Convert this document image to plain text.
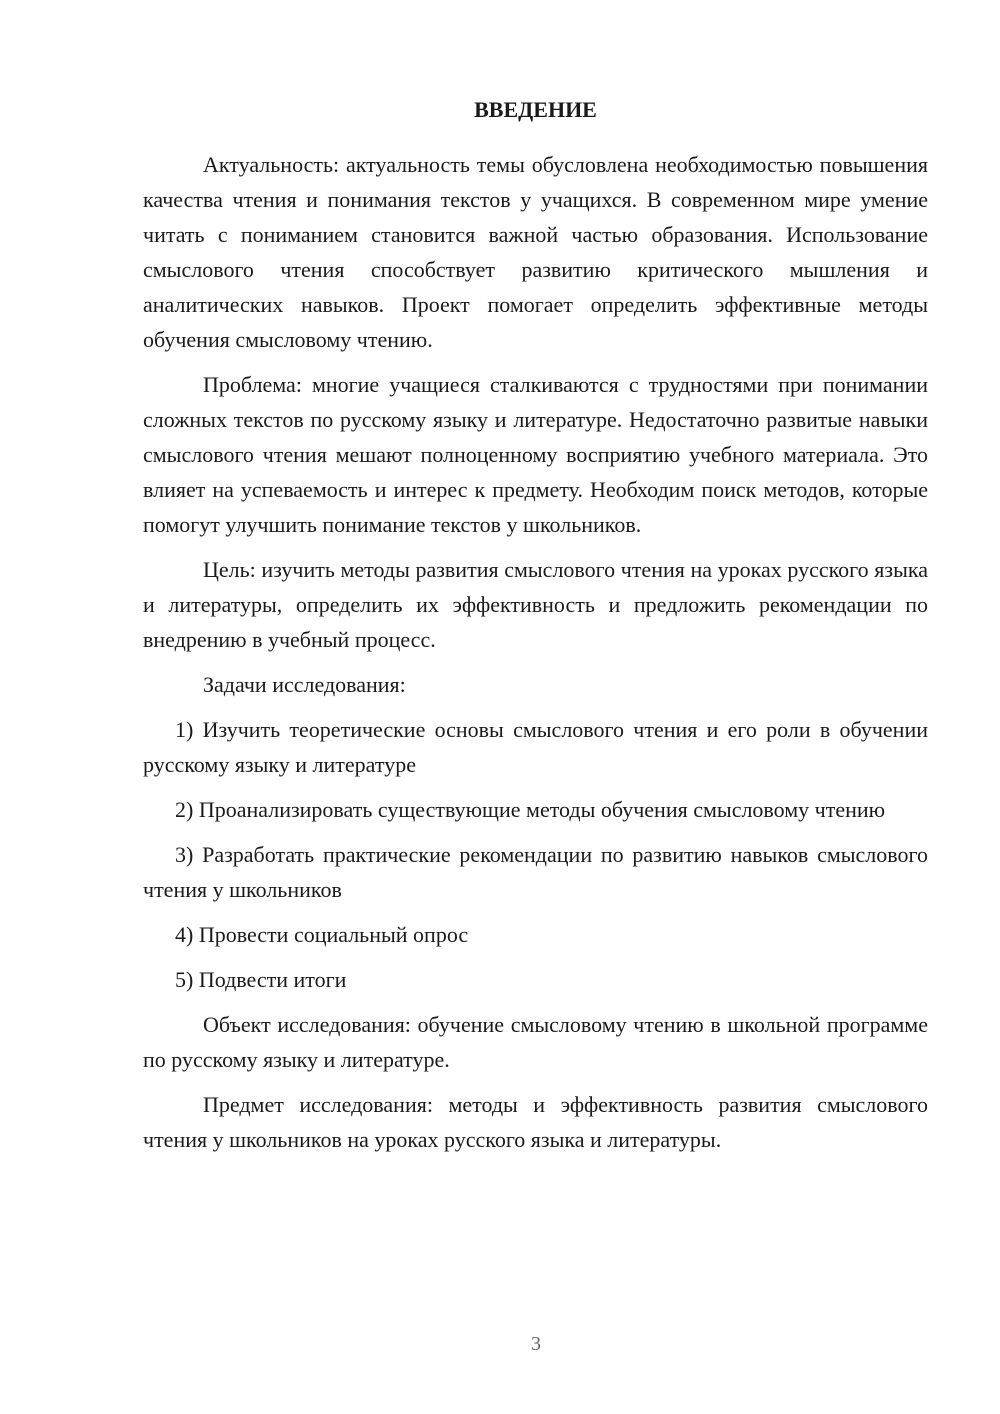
ВВЕДЕНИЕ

Актуальность: актуальность темы обусловлена необходимостью повышения качества чтения и понимания текстов у учащихся. В современном мире умение читать с пониманием становится важной частью образования. Использование смыслового чтения способствует развитию критического мышления и аналитических навыков. Проект помогает определить эффективные методы обучения смысловому чтению.

Проблема: многие учащиеся сталкиваются с трудностями при понимании сложных текстов по русскому языку и литературе. Недостаточно развитые навыки смыслового чтения мешают полноценному восприятию учебного материала. Это влияет на успеваемость и интерес к предмету. Необходим поиск методов, которые помогут улучшить понимание текстов у школьников.

Цель: изучить методы развития смыслового чтения на уроках русского языка и литературы, определить их эффективность и предложить рекомендации по внедрению в учебный процесс.

Задачи исследования:

1) Изучить теоретические основы смыслового чтения и его роли в обучении русскому языку и литературе

2) Проанализировать существующие методы обучения смысловому чтению

3) Разработать практические рекомендации по развитию навыков смыслового чтения у школьников

4) Провести социальный опрос

5) Подвести итоги

Объект исследования: обучение смысловому чтению в школьной программе по русскому языку и литературе.

Предмет исследования: методы и эффективность развития смыслового чтения у школьников на уроках русского языка и литературы.

3
